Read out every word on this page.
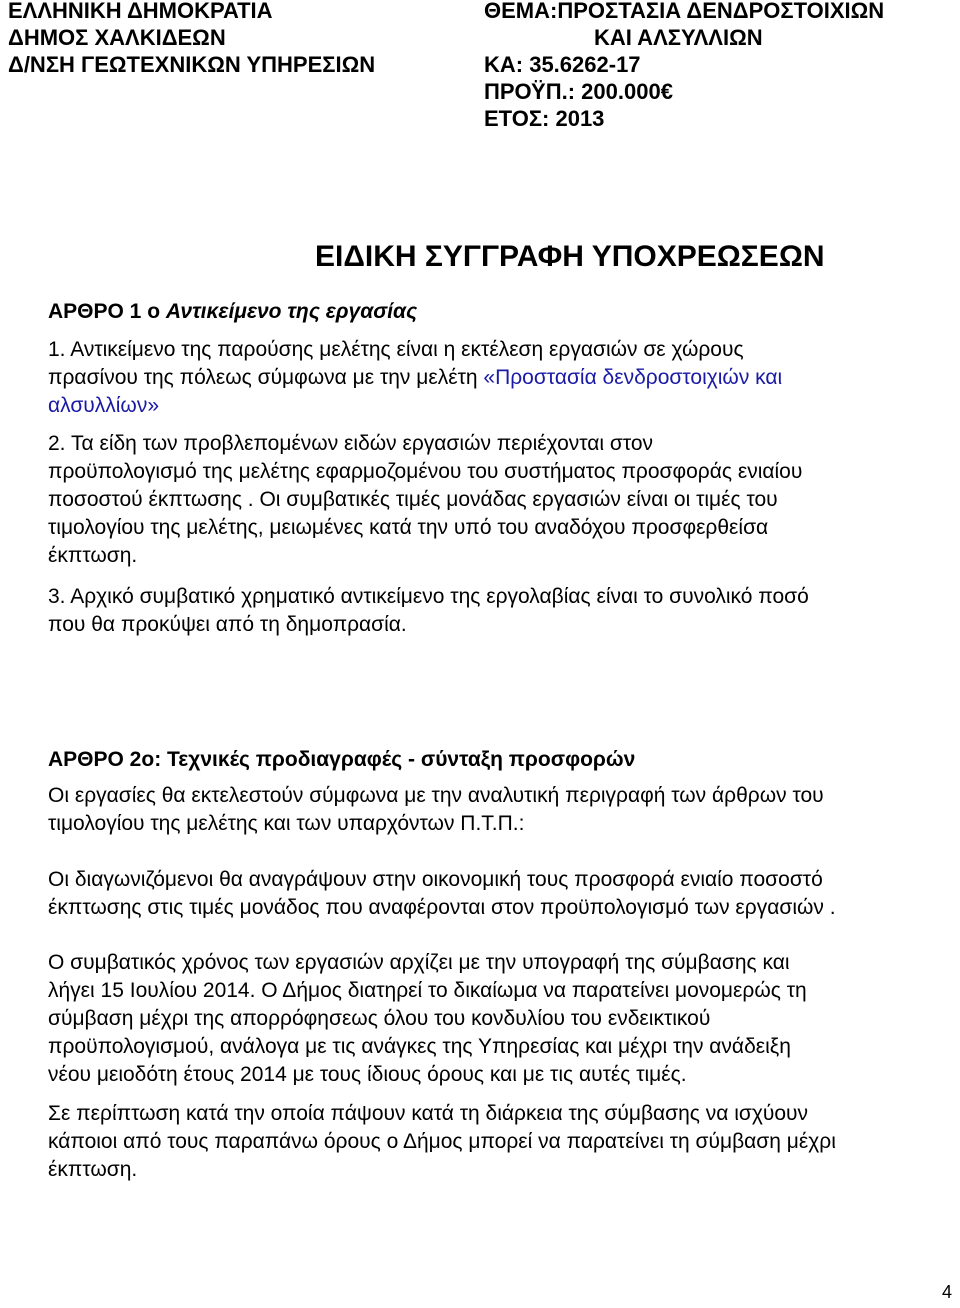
ΕΛΛΗΝΙΚΗ ΔΗΜΟΚΡΑΤΙΑ
ΔΗΜΟΣ ΧΑΛΚΙΔΕΩΝ
Δ/ΝΣΗ ΓΕΩΤΕΧΝΙΚΩΝ ΥΠΗΡΕΣΙΩΝ
ΘΕΜΑ:ΠΡΟΣΤΑΣΙΑ ΔΕΝΔΡΟΣΤΟΙΧΙΩΝ
ΚΑΙ ΑΛΣΥΛΛΙΩΝ
ΚΑ: 35.6262-17
ΠΡΟΫΠ.: 200.000€
ΕΤΟΣ: 2013
ΕΙΔΙΚΗ ΣΥΓΓΡΑΦΗ ΥΠΟΧΡΕΩΣΕΩΝ
ΑΡΘΡΟ 1 ο Αντικείμενο της εργασίας
1. Αντικείμενο της παρούσης μελέτης είναι η εκτέλεση εργασιών σε χώρους
πρασίνου της πόλεως σύμφωνα με την μελέτη «Προστασία δενδροστοιχιών και
αλσυλλίων»
2. Τα είδη των προβλεπομένων ειδών εργασιών περιέχονται στον
προϋπολογισμό της μελέτης εφαρμοζομένου του συστήματος προσφοράς ενιαίου
ποσοστού έκπτωσης . Οι συμβατικές τιμές μονάδας εργασιών είναι οι τιμές του
τιμολογίου της μελέτης, μειωμένες κατά την υπό του αναδόχου προσφερθείσα
έκπτωση.
3. Αρχικό συμβατικό χρηματικό αντικείμενο της εργολαβίας είναι το συνολικό ποσό
που θα προκύψει από τη δημοπρασία.
ΑΡΘΡΟ 2ο: Τεχνικές προδιαγραφές - σύνταξη προσφορών
Οι εργασίες θα εκτελεστούν σύμφωνα με την αναλυτική περιγραφή των άρθρων του
τιμολογίου της μελέτης και των υπαρχόντων Π.Τ.Π.:
Οι διαγωνιζόμενοι θα αναγράψουν στην οικονομική τους προσφορά ενιαίο ποσοστό
έκπτωσης στις τιμές μονάδος που αναφέρονται στον προϋπολογισμό των εργασιών .
Ο συμβατικός χρόνος των εργασιών αρχίζει με την υπογραφή της σύμβασης και
λήγει 15 Ιουλίου 2014. Ο Δήμος διατηρεί το δικαίωμα να παρατείνει μονομερώς τη
σύμβαση μέχρι της απορρόφησεως όλου του κονδυλίου του ενδεικτικού
προϋπολογισμού, ανάλογα με τις ανάγκες της Υπηρεσίας και μέχρι την ανάδειξη
νέου μειοδότη έτους 2014 με τους ίδιους όρους και με τις αυτές τιμές.
Σε περίπτωση κατά την οποία πάψουν κατά τη διάρκεια της σύμβασης να ισχύουν
κάποιοι από τους παραπάνω όρους ο Δήμος μπορεί να παρατείνει τη σύμβαση μέχρι
έκπτωση.
4
